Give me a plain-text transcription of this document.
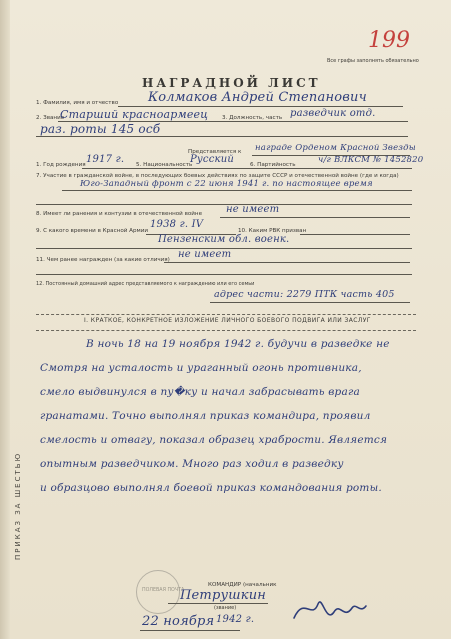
Все графы заполнять обязательно
199
НАГРАДНОЙ ЛИСТ
1. Фамилия, имя и отчество Колмаков Андрей Степанович
2. Звание
Старший красноармеец 3. Должность, часть разведчик отд.
раз. роты 145 оcб
Представляется к награде Орденом Красной Звезды
1. Год рождения 1917 г. 5. Национальность
Русский	6. Партийность	ч/г ВЛКСМ № 1452820
7. Участие в гражданской войне, в последующих боевых действиях по защите СССР и отечественной войне (где и когда)
Юго-Западный фронт с 22 июня 1941 г. по настоящее время
8. Имеет ли ранения и контузии в отечественной войне не имеет
9. С какого времени в Красной Армии
1938 г. IV
10. Каким РВК призван
Пензенским обл. военк.
11. Чем ранее награжден (за какие отличия) не имеет
12. Постоянный домашний адрес представляемого к награждению или его семьи
адрес части: 2279 ПТК часть 405
I. КРАТКОЕ, КОНКРЕТНОЕ ИЗЛОЖЕНИЕ ЛИЧНОГО БОЕВОГО ПОДВИГА ИЛИ ЗАСЛУГ
В ночь 18 на 19 ноября 1942 г. будучи в разведке не
Смотря на усталость и ураганный огонь противника,
смело выдвинулся в пу�ку и начал забрасывать врага
гранатами. Точно выполнял приказ командира, проявил
смелость и отвагу, показал образец храбрости. Является
опытным разведчиком. Много раз ходил в разведку
и образцово выполнял боевой приказ командования роты.
ПОЛЕВАЯ ПОЧТА
КОМАНДИР (начальник
Петрушкин
(звание)
22 ноября 1942 г.
ПРИКАЗ ЗА ШЕСТЬЮ
